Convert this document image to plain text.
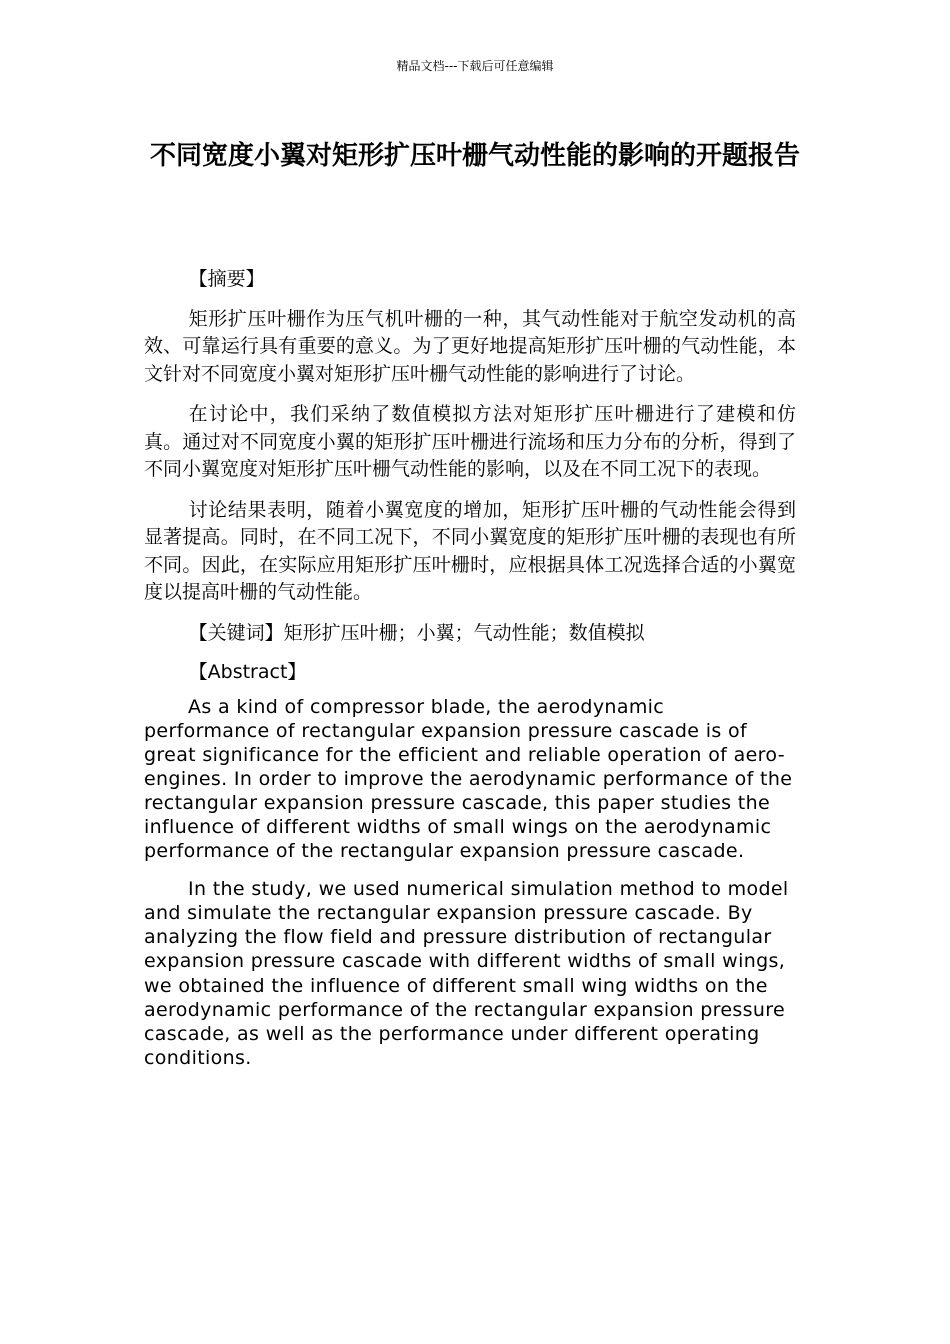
精品文档---下载后可任意编辑
不同宽度小翼对矩形扩压叶栅气动性能的影响的开题报告

【摘要】

矩形扩压叶栅作为压气机叶栅的一种，其气动性能对于航空发动机的高效、可靠运行具有重要的意义。为了更好地提高矩形扩压叶栅的气动性能，本文针对不同宽度小翼对矩形扩压叶栅气动性能的影响进行了讨论。

在讨论中，我们采纳了数值模拟方法对矩形扩压叶栅进行了建模和仿真。通过对不同宽度小翼的矩形扩压叶栅进行流场和压力分布的分析，得到了不同小翼宽度对矩形扩压叶栅气动性能的影响，以及在不同工况下的表现。

讨论结果表明，随着小翼宽度的增加，矩形扩压叶栅的气动性能会得到显著提高。同时，在不同工况下，不同小翼宽度的矩形扩压叶栅的表现也有所不同。因此，在实际应用矩形扩压叶栅时，应根据具体工况选择合适的小翼宽度以提高叶栅的气动性能。

【关键词】矩形扩压叶栅；小翼；气动性能；数值模拟

【Abstract】

As a kind of compressor blade, the aerodynamic performance of rectangular expansion pressure cascade is of great significance for the efficient and reliable operation of aero-engines. In order to improve the aerodynamic performance of the rectangular expansion pressure cascade, this paper studies the influence of different widths of small wings on the aerodynamic performance of the rectangular expansion pressure cascade.

In the study, we used numerical simulation method to model and simulate the rectangular expansion pressure cascade. By analyzing the flow field and pressure distribution of rectangular expansion pressure cascade with different widths of small wings, we obtained the influence of different small wing widths on the aerodynamic performance of the rectangular expansion pressure cascade, as well as the performance under different operating conditions.
